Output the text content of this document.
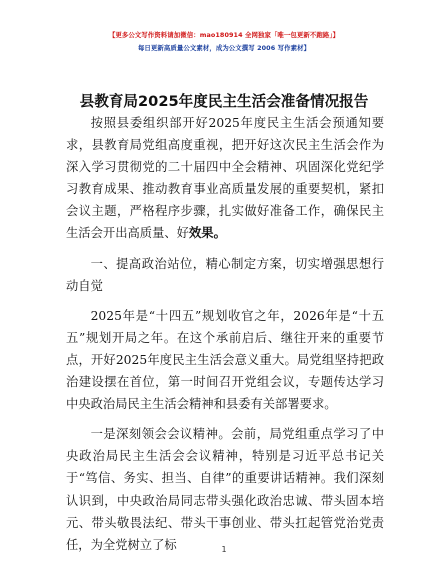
【更多公文写作资料请加微信：mao180914 全网独家「唯一包更新不跑路」】
每日更新高质量公文素材，成为公文撰写 2006 写作素材】
县教育局2025年度民主生活会准备情况报告

按照县委组织部开好2025年度民主生活会预通知要求，县教育局党组高度重视，把开好这次民主生活会作为深入学习贯彻党的二十届四中全会精神、巩固深化党纪学习教育成果、推动教育事业高质量发展的重要契机，紧扣会议主题，严格程序步骤，扎实做好准备工作，确保民主生活会开出高质量、好效果。

一、提高政治站位，精心制定方案，切实增强思想行动自觉

2025年是“十四五”规划收官之年，2026年是“十五五”规划开局之年。在这个承前启后、继往开来的重要节点，开好2025年度民主生活会意义重大。局党组坚持把政治建设摆在首位，第一时间召开党组会议，专题传达学习中央政治局民主生活会精神和县委有关部署要求。

一是深刻领会会议精神。会前，局党组重点学习了中央政治局民主生活会会议精神，特别是习近平总书记关于“笃信、务实、担当、自律”的重要讲话精神。我们深刻认识到，中央政治局同志带头强化政治忠诚、带头固本培元、带头敬畏法纪、带头干事创业、带头扛起管党治党责任，为全党树立了标	1
